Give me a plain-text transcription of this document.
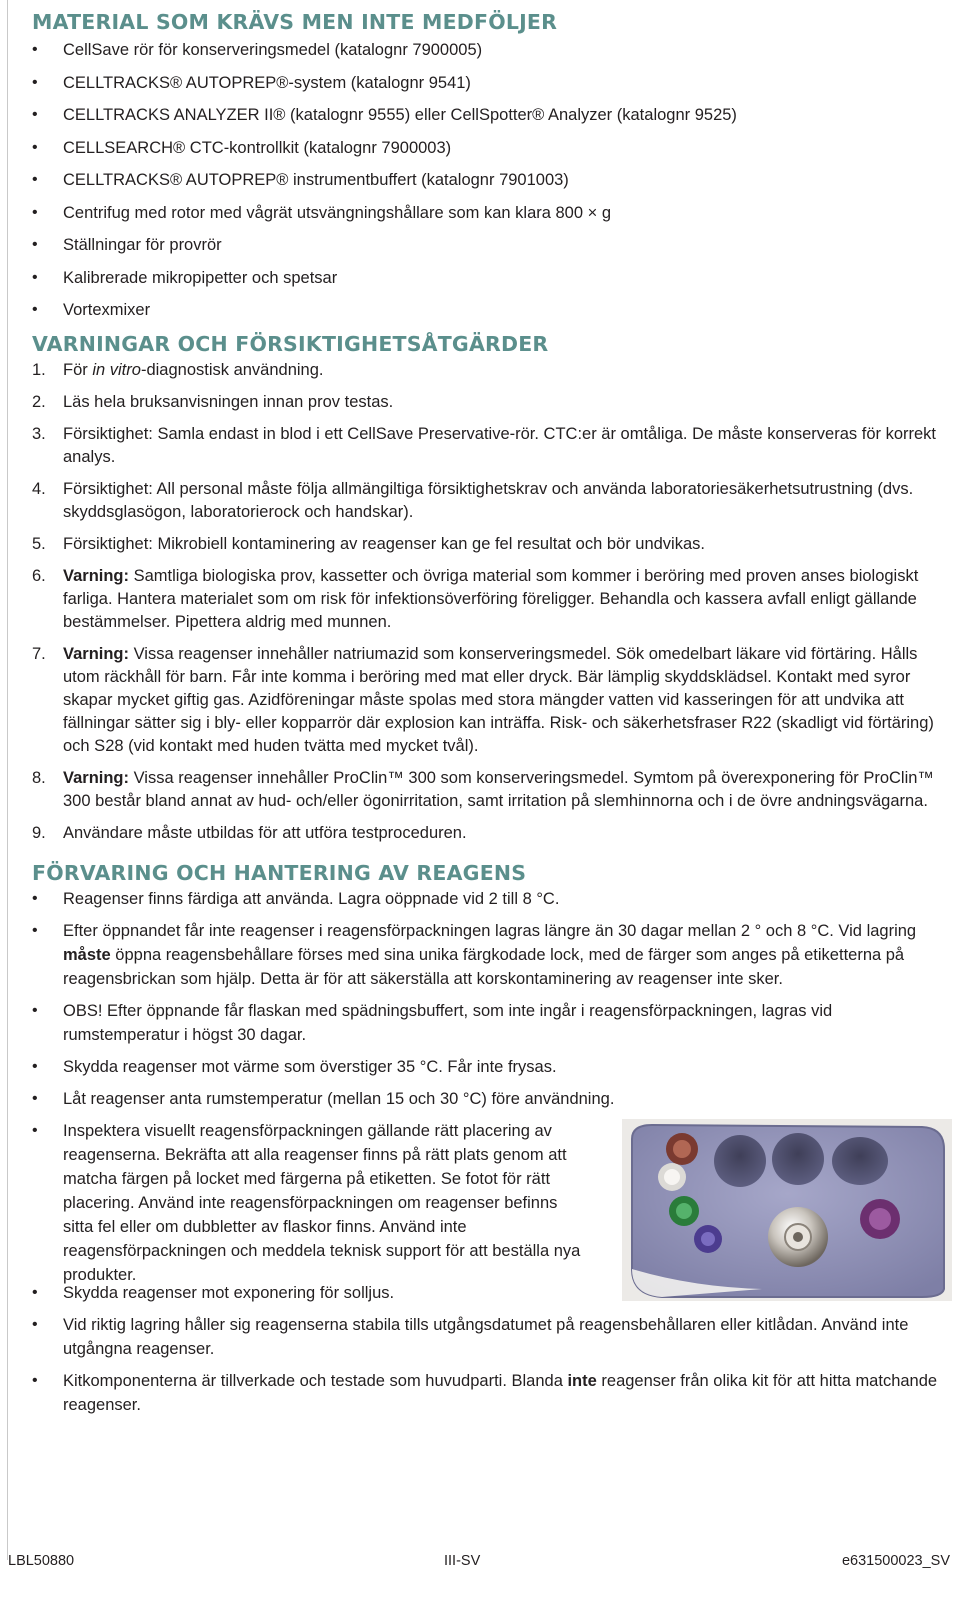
MATERIAL SOM KRÄVS MEN INTE MEDFÖLJER
• CellSave rör för konserveringsmedel (katalognr 7900005)
• CELLTRACKS® AUTOPREP®-system (katalognr 9541)
• CELLTRACKS ANALYZER II® (katalognr 9555) eller CellSpotter® Analyzer (katalognr 9525)
• CELLSEARCH® CTC-kontrollkit (katalognr 7900003)
• CELLTRACKS® AUTOPREP® instrumentbuffert (katalognr 7901003)
• Centrifug med rotor med vågrät utsvängningshållare som kan klara 800 × g
• Ställningar för provrör
• Kalibrerade mikropipetter och spetsar
• Vortexmixer
VARNINGAR OCH FÖRSIKTIGHETSÅTGÄRDER
1. För in vitro-diagnostisk användning.
2. Läs hela bruksanvisningen innan prov testas.
3. Försiktighet: Samla endast in blod i ett CellSave Preservative-rör. CTC:er är omtåliga. De måste konserveras för korrekt analys.
4. Försiktighet: All personal måste följa allmängiltiga försiktighetskrav och använda laboratoriesäkerhetsutrustning (dvs. skyddsglasögon, laboratorierock och handskar).
5. Försiktighet: Mikrobiell kontaminering av reagenser kan ge fel resultat och bör undvikas.
6. Varning: Samtliga biologiska prov, kassetter och övriga material som kommer i beröring med proven anses biologiskt farliga. Hantera materialet som om risk för infektionsöverföring föreligger. Behandla och kassera avfall enligt gällande bestämmelser. Pipettera aldrig med munnen.
7. Varning: Vissa reagenser innehåller natriumazid som konserveringsmedel. Sök omedelbart läkare vid förtäring. Hålls utom räckhåll för barn. Får inte komma i beröring med mat eller dryck. Bär lämplig skyddsklädsel. Kontakt med syror skapar mycket giftig gas. Azidföreningar måste spolas med stora mängder vatten vid kasseringen för att undvika att fällningar sätter sig i bly- eller kopparrör där explosion kan inträffa. Risk- och säkerhetsfraser R22 (skadligt vid förtäring) och S28 (vid kontakt med huden tvätta med mycket tvål).
8. Varning: Vissa reagenser innehåller ProClin™ 300 som konserveringsmedel. Symtom på överexponering för ProClin™ 300 består bland annat av hud- och/eller ögonirritation, samt irritation på slemhinnorna och i de övre andningsvägarna.
9. Användare måste utbildas för att utföra testproceduren.
FÖRVARING OCH HANTERING AV REAGENS
• Reagenser finns färdiga att använda. Lagra oöppnade vid 2 till 8 °C.
• Efter öppnandet får inte reagenser i reagensförpackningen lagras längre än 30 dagar mellan 2 ° och 8 °C. Vid lagring måste öppna reagensbehållare förses med sina unika färgkodade lock, med de färger som anges på etiketterna på reagensbrickan som hjälp. Detta är för att säkerställa att korskontaminering av reagenser inte sker.
• OBS! Efter öppnande får flaskan med spädningsbuffert, som inte ingår i reagensförpackningen, lagras vid rumstemperatur i högst 30 dagar.
• Skydda reagenser mot värme som överstiger 35 °C. Får inte frysas.
• Låt reagenser anta rumstemperatur (mellan 15 och 30 °C) före användning.
• Inspektera visuellt reagensförpackningen gällande rätt placering av reagenserna. Bekräfta att alla reagenser finns på rätt plats genom att matcha färgen på locket med färgerna på etiketten. Se fotot för rätt placering. Använd inte reagensförpackningen om reagenser befinns sitta fel eller om dubbletter av flaskor finns. Använd inte reagensförpackningen och meddela teknisk support för att beställa nya produkter.
• Skydda reagenser mot exponering för solljus.
• Vid riktig lagring håller sig reagenserna stabila tills utgångsdatumet på reagensbehållaren eller kitlådan. Använd inte utgångna reagenser.
• Kitkomponenterna är tillverkade och testade som huvudparti. Blanda inte reagenser från olika kit för att hitta matchande reagenser.
LBL50880	III-SV	e631500023_SV
